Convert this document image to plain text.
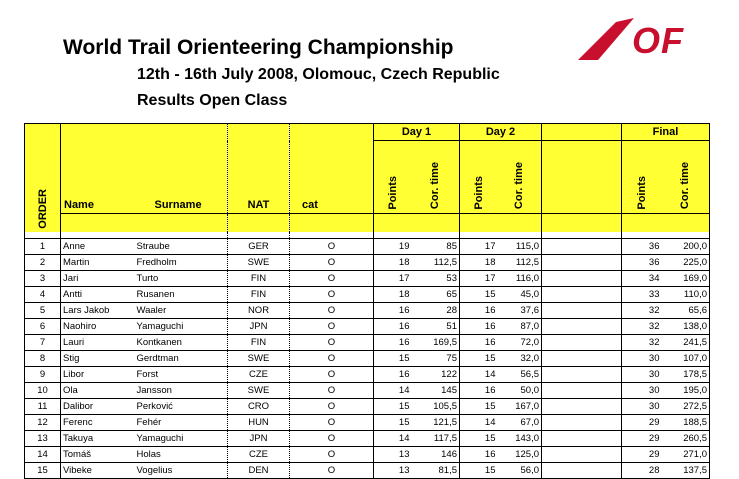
World Trail Orienteering Championship
12th - 16th July 2008, Olomouc, Czech Republic
Results Open Class
OF
ORDER					Day 1		Day 2			Final	
	Name	Surname	NAT	cat	Points	Cor. time	Points	Cor. time		Points	Cor. time

1	Anne	Straube	GER	O	19	85	17	115,0		36	200,0
2	Martin	Fredholm	SWE	O	18	112,5	18	112,5		36	225,0
3	Jari	Turto	FIN	O	17	53	17	116,0		34	169,0
4	Antti	Rusanen	FIN	O	18	65	15	45,0		33	110,0
5	Lars Jakob	Waaler	NOR	O	16	28	16	37,6		32	65,6
6	Naohiro	Yamaguchi	JPN	O	16	51	16	87,0		32	138,0
7	Lauri	Kontkanen	FIN	O	16	169,5	16	72,0		32	241,5
8	Stig	Gerdtman	SWE	O	15	75	15	32,0		30	107,0
9	Libor	Forst	CZE	O	16	122	14	56,5		30	178,5
10	Ola	Jansson	SWE	O	14	145	16	50,0		30	195,0
11	Dalibor	Perković	CRO	O	15	105,5	15	167,0		30	272,5
12	Ferenc	Fehér	HUN	O	15	121,5	14	67,0		29	188,5
13	Takuya	Yamaguchi	JPN	O	14	117,5	15	143,0		29	260,5
14	Tomáš	Holas	CZE	O	13	146	16	125,0		29	271,0
15	Vibeke	Vogelius	DEN	O	13	81,5	15	56,0		28	137,5
